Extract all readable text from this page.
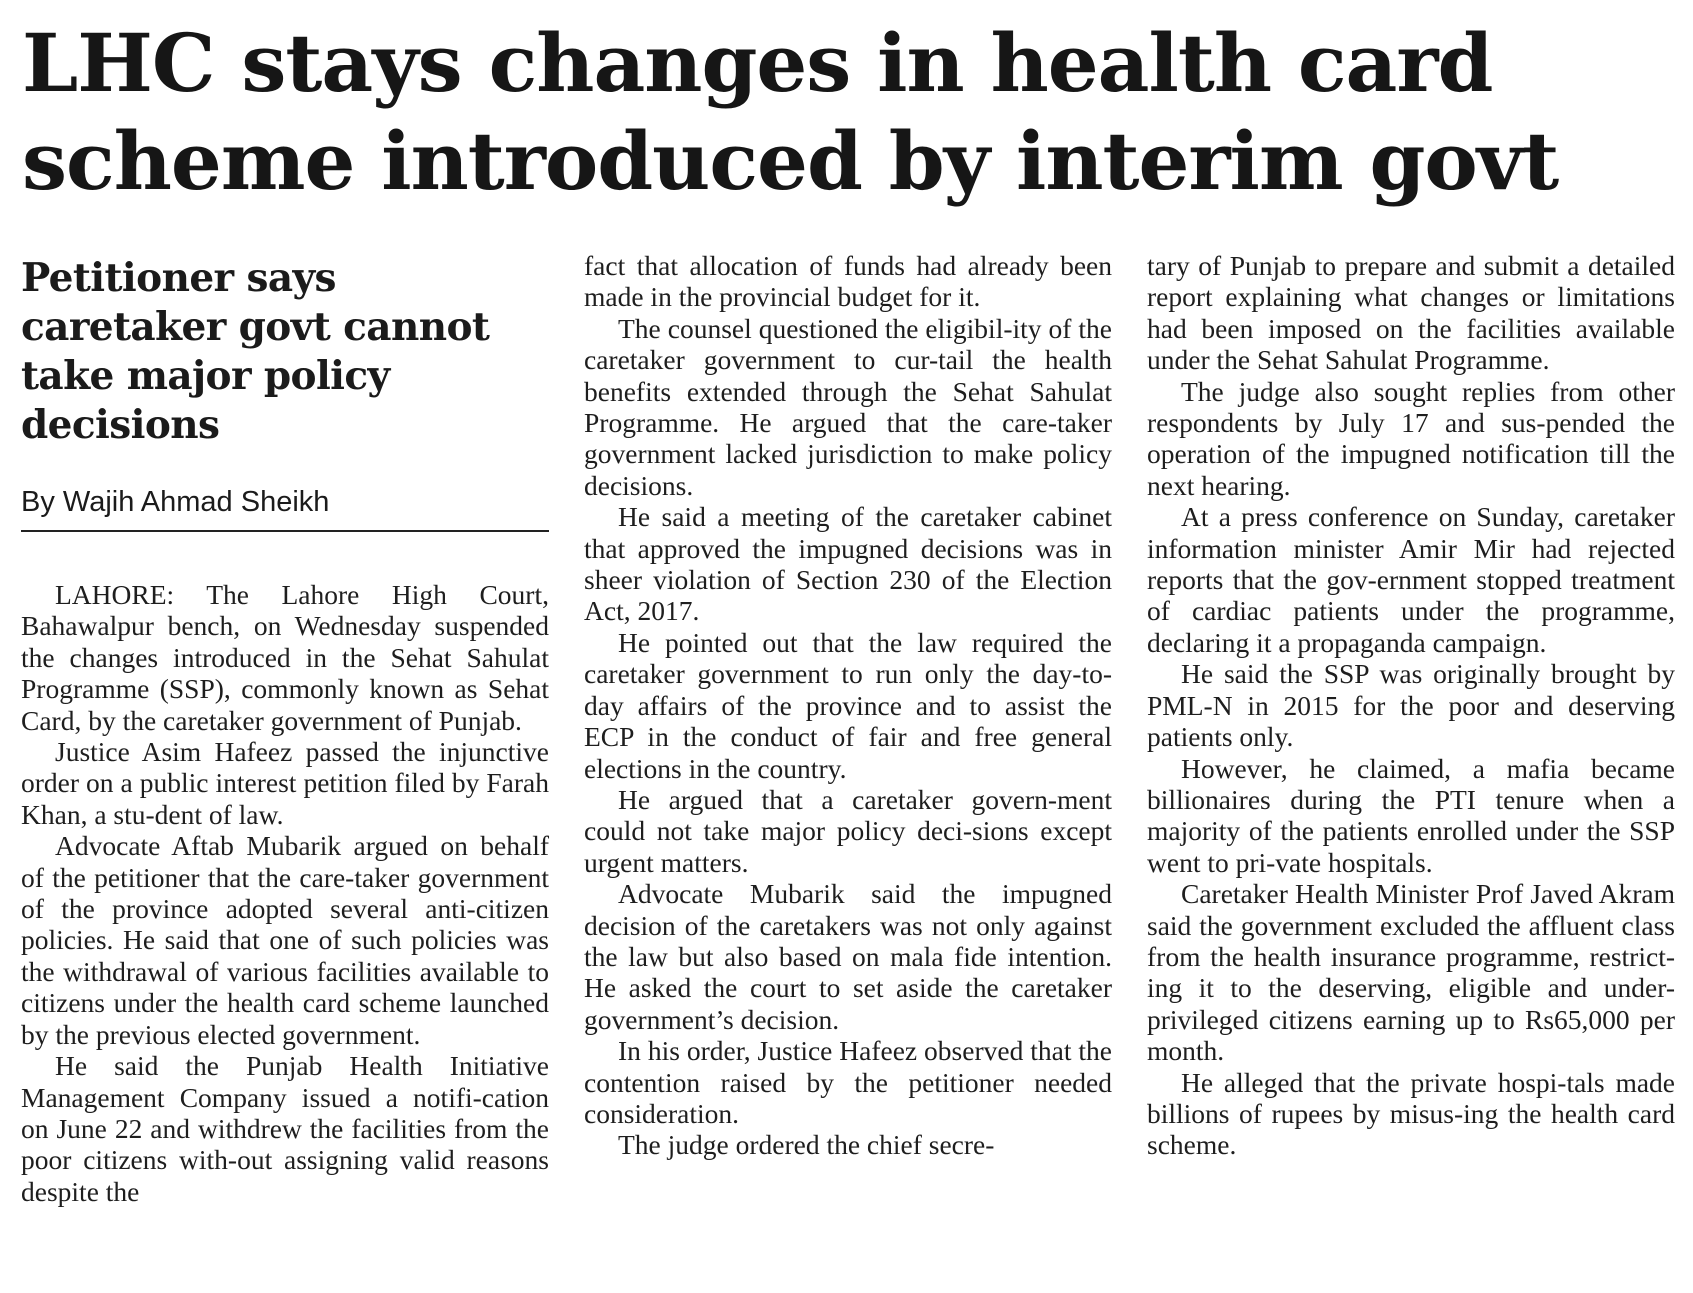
LHC stays changes in health card scheme introduced by interim govt
Petitioner says caretaker govt cannot take major policy decisions
By Wajih Ahmad Sheikh

LAHORE: The Lahore High Court, Bahawalpur bench, on Wednesday suspended the changes introduced in the Sehat Sahulat Programme (SSP), commonly known as Sehat Card, by the caretaker government of Punjab.

Justice Asim Hafeez passed the injunctive order on a public interest petition filed by Farah Khan, a stu-dent of law.

Advocate Aftab Mubarik argued on behalf of the petitioner that the care-taker government of the province adopted several anti-citizen policies. He said that one of such policies was the withdrawal of various facilities available to citizens under the health card scheme launched by the previous elected government.

He said the Punjab Health Initiative Management Company issued a notifi-cation on June 22 and withdrew the facilities from the poor citizens with-out assigning valid reasons despite the

fact that allocation of funds had already been made in the provincial budget for it.

The counsel questioned the eligibil-ity of the caretaker government to cur-tail the health benefits extended through the Sehat Sahulat Programme. He argued that the care-taker government lacked jurisdiction to make policy decisions.

He said a meeting of the caretaker cabinet that approved the impugned decisions was in sheer violation of Section 230 of the Election Act, 2017.

He pointed out that the law required the caretaker government to run only the day-to-day affairs of the province and to assist the ECP in the conduct of fair and free general elections in the country.

He argued that a caretaker govern-ment could not take major policy deci-sions except urgent matters.

Advocate Mubarik said the impugned decision of the caretakers was not only against the law but also based on mala fide intention. He asked the court to set aside the caretaker government’s decision.

In his order, Justice Hafeez observed that the contention raised by the petitioner needed consideration.

The judge ordered the chief secre-

tary of Punjab to prepare and submit a detailed report explaining what changes or limitations had been imposed on the facilities available under the Sehat Sahulat Programme.

The judge also sought replies from other respondents by July 17 and sus-pended the operation of the impugned notification till the next hearing.

At a press conference on Sunday, caretaker information minister Amir Mir had rejected reports that the gov-ernment stopped treatment of cardiac patients under the programme, declaring it a propaganda campaign.

He said the SSP was originally brought by PML-N in 2015 for the poor and deserving patients only.

However, he claimed, a mafia became billionaires during the PTI tenure when a majority of the patients enrolled under the SSP went to pri-vate hospitals.

Caretaker Health Minister Prof Javed Akram said the government excluded the affluent class from the health insurance programme, restrict-ing it to the deserving, eligible and under-privileged citizens earning up to Rs65,000 per month.

He alleged that the private hospi-tals made billions of rupees by misus-ing the health card scheme.
